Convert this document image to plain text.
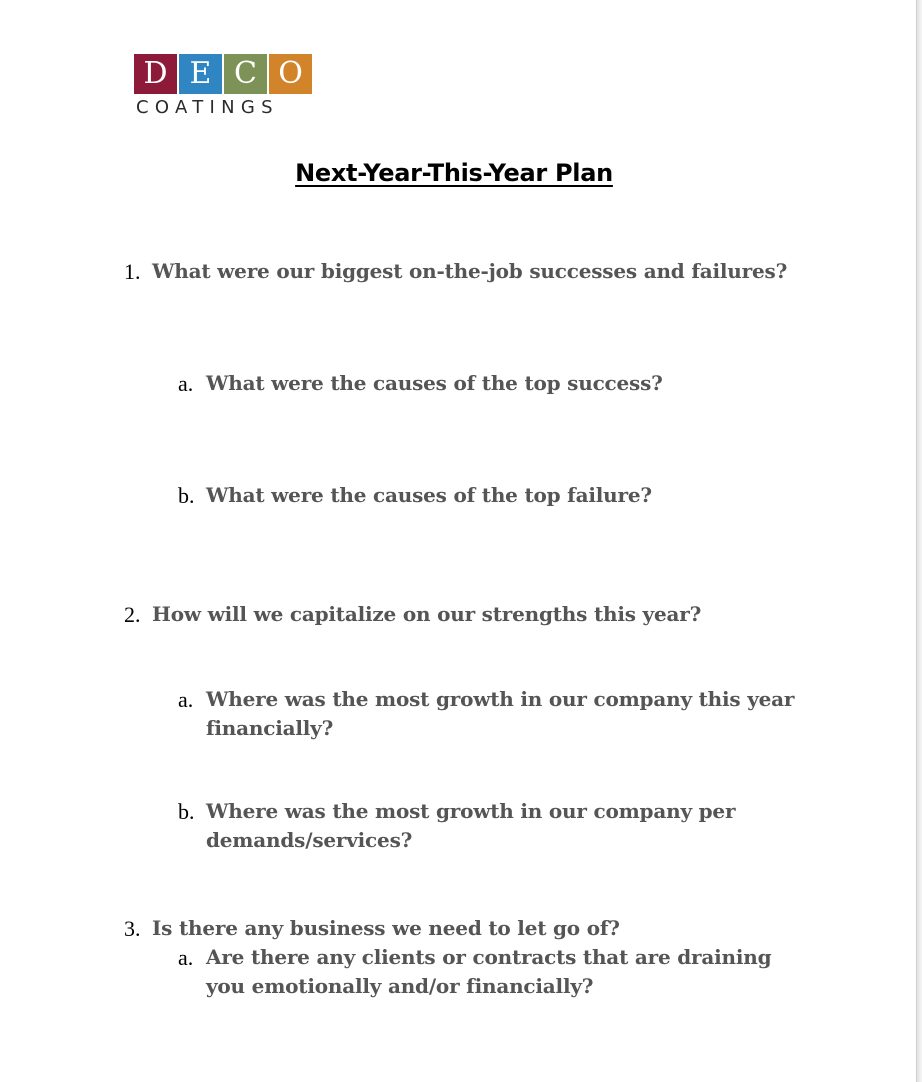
D E C O
COATINGS
Next-Year-This-Year Plan
1. What were our biggest on-the-job successes and failures?
a. What were the causes of the top success?
b. What were the causes of the top failure?
2. How will we capitalize on our strengths this year?
a. Where was the most growth in our company this year
financially?
b. Where was the most growth in our company per
demands/services?
3. Is there any business we need to let go of?
a. Are there any clients or contracts that are draining
you emotionally and/or financially?
